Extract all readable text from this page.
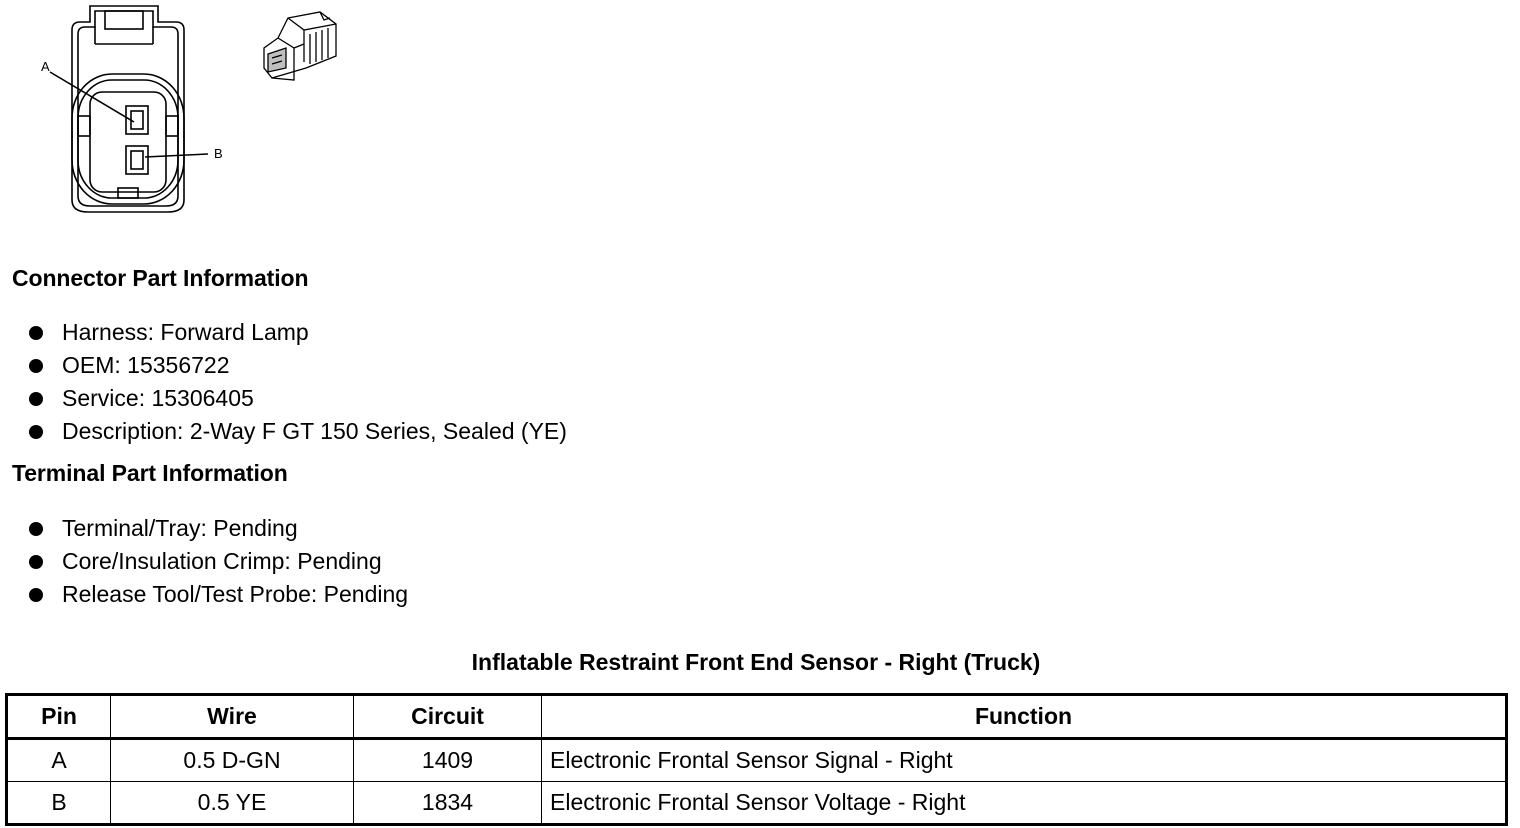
A
B
Connector Part Information
Harness: Forward Lamp
OEM: 15356722
Service: 15306405
Description: 2-Way F GT 150 Series, Sealed (YE)
Terminal Part Information
Terminal/Tray: Pending
Core/Insulation Crimp: Pending
Release Tool/Test Probe: Pending
Inflatable Restraint Front End Sensor - Right (Truck)
Pin	Wire	Circuit	Function
A	0.5 D-GN	1409	Electronic Frontal Sensor Signal - Right
B	0.5 YE	1834	Electronic Frontal Sensor Voltage - Right
